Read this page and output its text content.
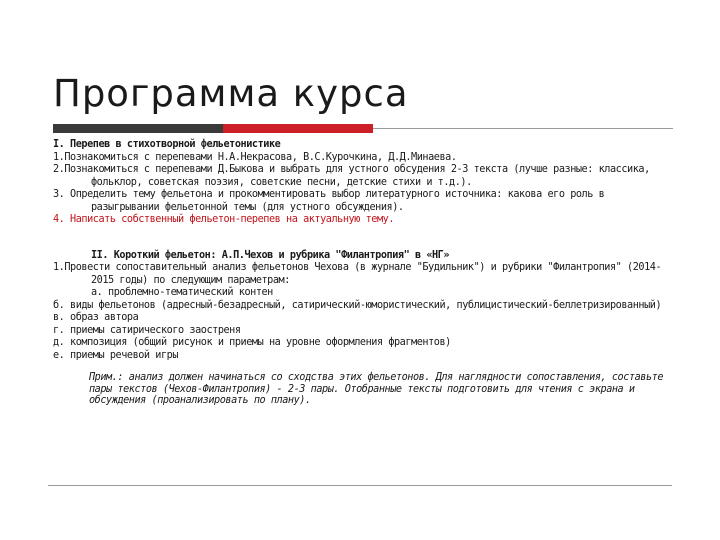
Программа курса

I. Перепев в стихотворной фельетонистике

1.Познакомиться с перепевами Н.А.Некрасова, В.С.Курочкина, Д.Д.Минаева.

2.Познакомиться с перепевами Д.Быкова и выбрать для устного обсудения 2-3 текста (лучше разные: классика, фольклор, советская поэзия, советские песни, детские стихи и т.д.).

3. Определить тему фельетона и прокомментировать выбор литературного источника: какова его роль в разыгрывании фельетонной темы (для устного обсуждения).

4. Написать собственный фельетон-перепев на актуальную тему.

II. Короткий фельетон: А.П.Чехов и рубрика "Филантропия" в «НГ»

1.Провести сопоставительный анализ фельетонов Чехова (в журнале "Будильник") и рубрики "Филантропия" (2014-2015 годы) по следующим параметрам:

а. проблемно-тематический контен

б. виды фельетонов (адресный-безадресный, сатирический-юмористический, публицистический-беллетризированный)

в. образ автора

г. приемы сатирического заостреня

д. композиция (общий рисунок и приемы на уровне оформления фрагментов)

е. приемы речевой игры

Прим.: анализ должен начинаться со сходства этих фельетонов. Для наглядности сопоставления, составьте пары текстов (Чехов-Филантропия) - 2-3 пары. Отобранные тексты подготовить для чтения с экрана и обсуждения (проанализировать по плану).
